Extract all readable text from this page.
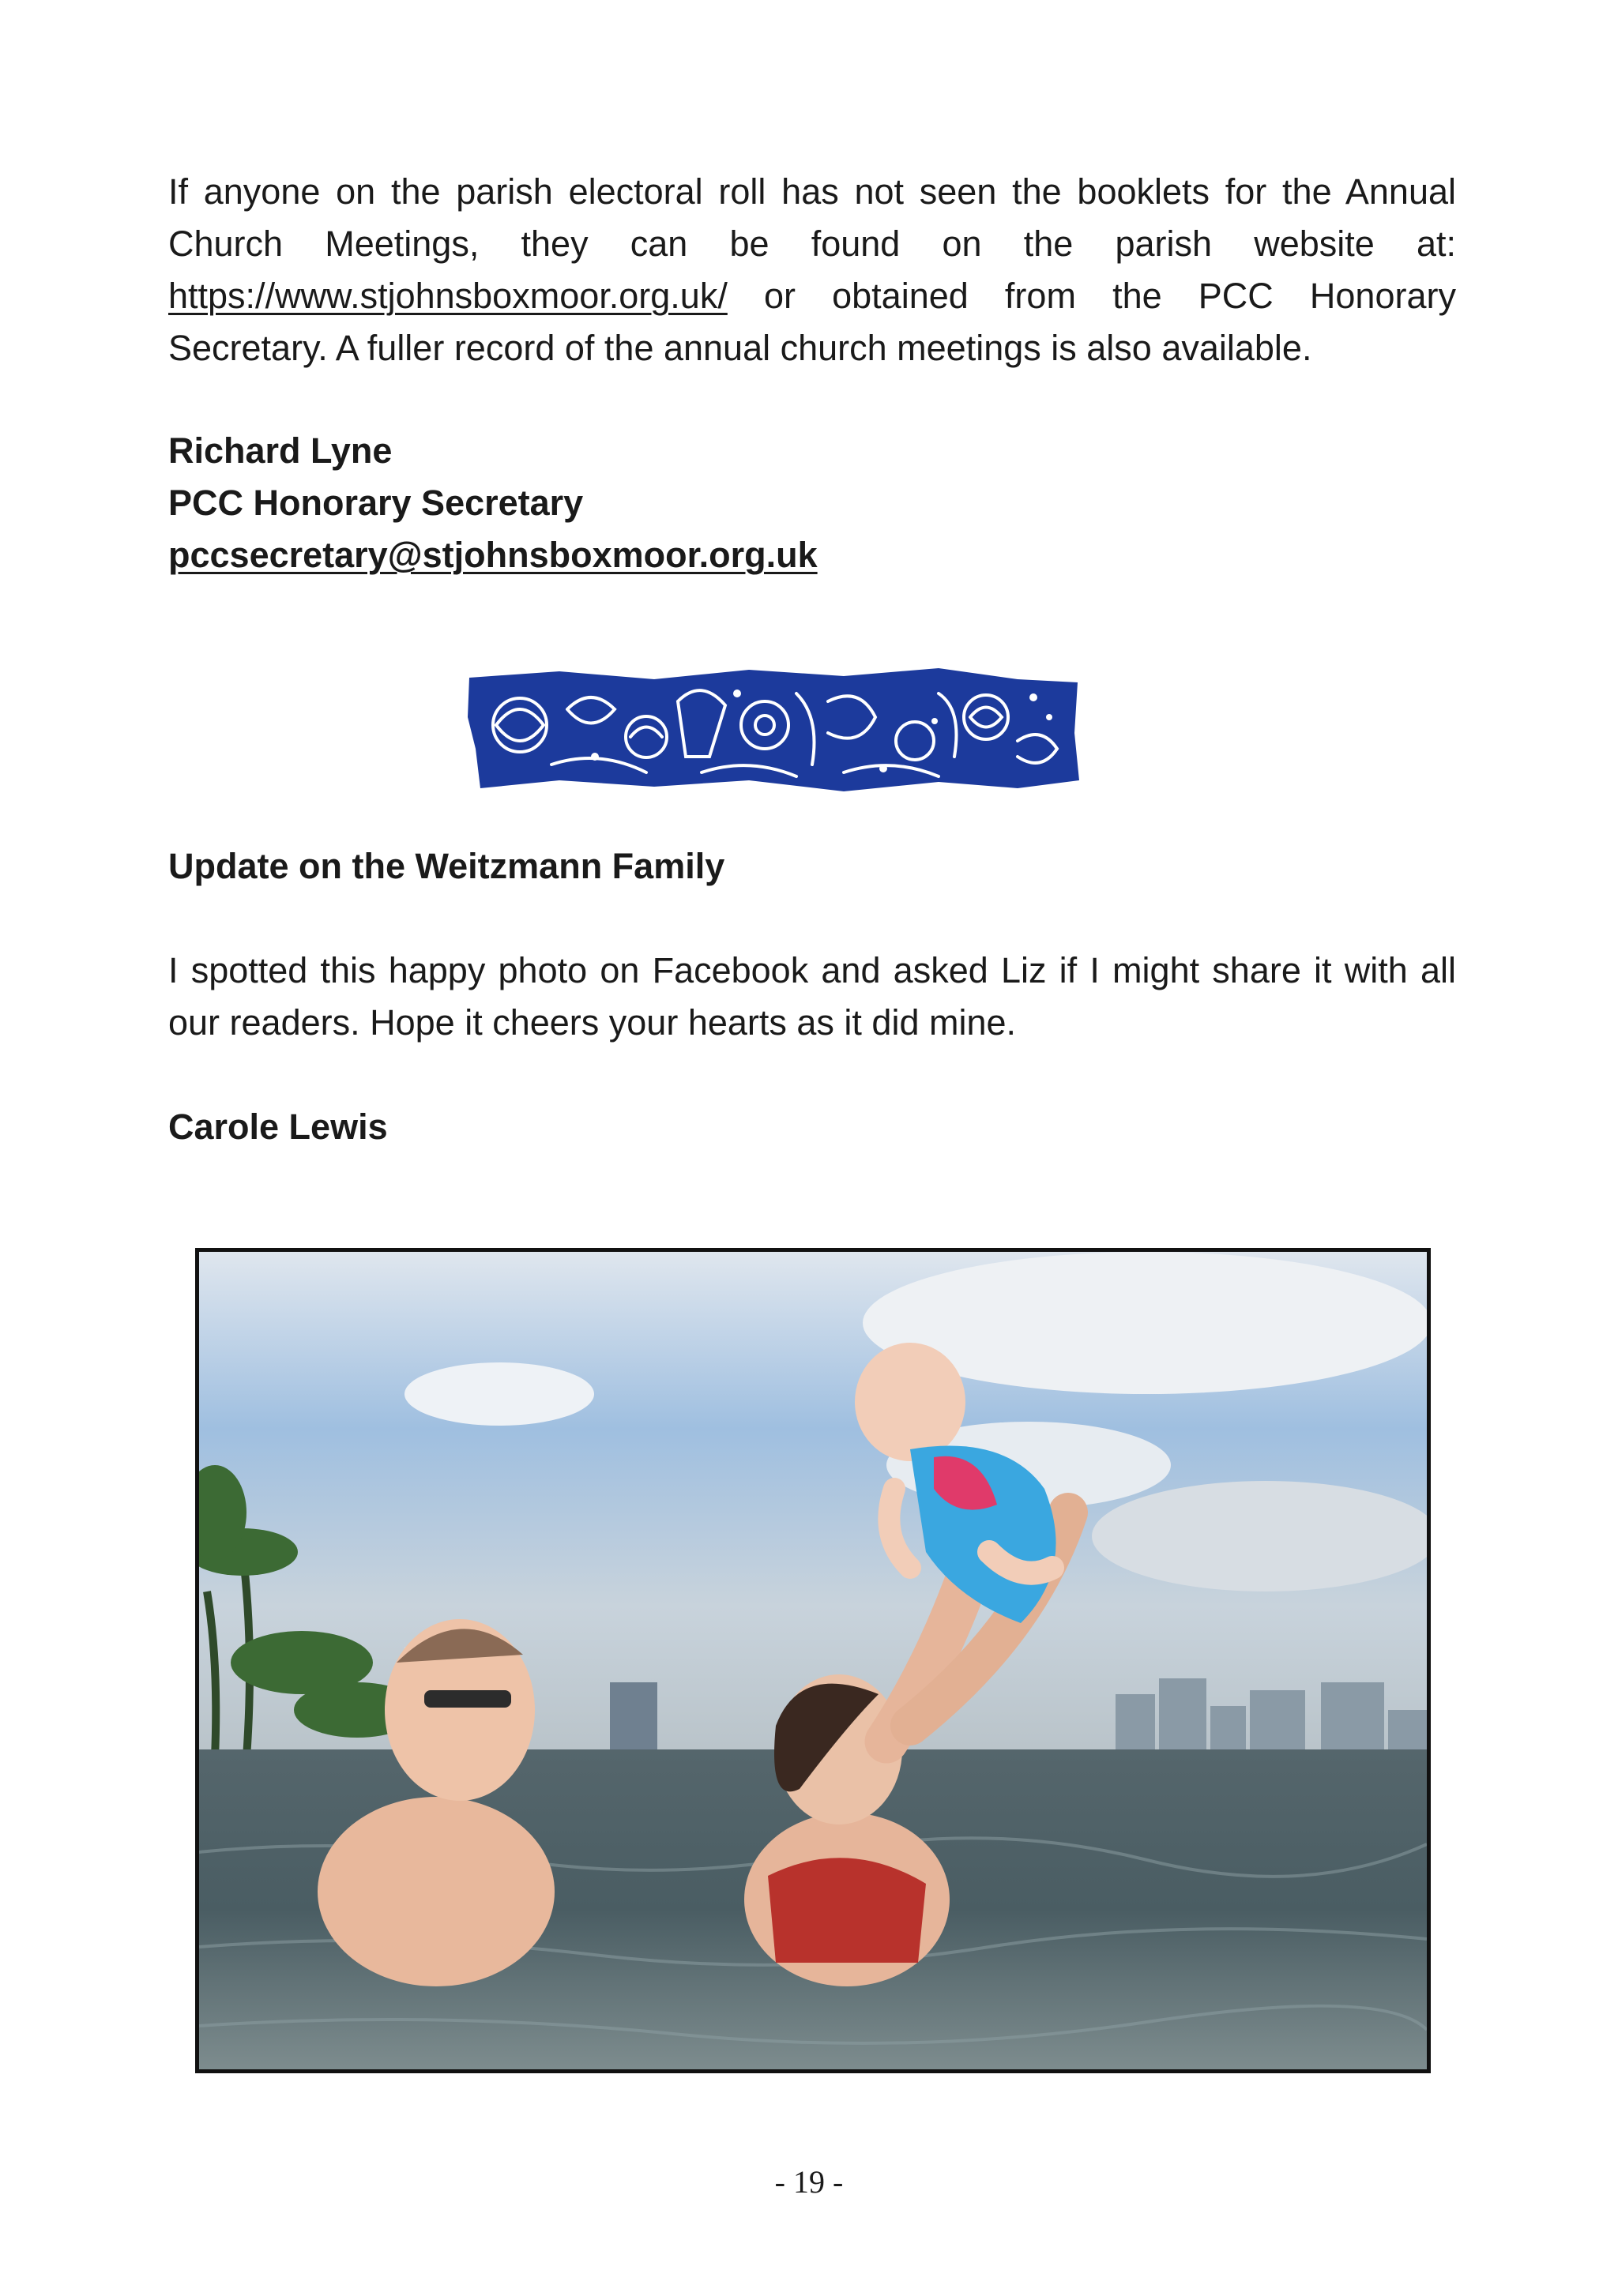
If anyone on the parish electoral roll has not seen the booklets for the Annual Church Meetings, they can be found on the parish website at: https://www.stjohnsboxmoor.org.uk/ or obtained from the PCC Honorary Secretary. A fuller record of the annual church meetings is also available.

Richard Lyne

PCC Honorary Secretary

pccsecretary@stjohnsboxmoor.org.uk

Update on the Weitzmann Family

I spotted this happy photo on Facebook and asked Liz if I might share it with all our readers. Hope it cheers your hearts as it did mine.

Carole Lewis

- 19 -
